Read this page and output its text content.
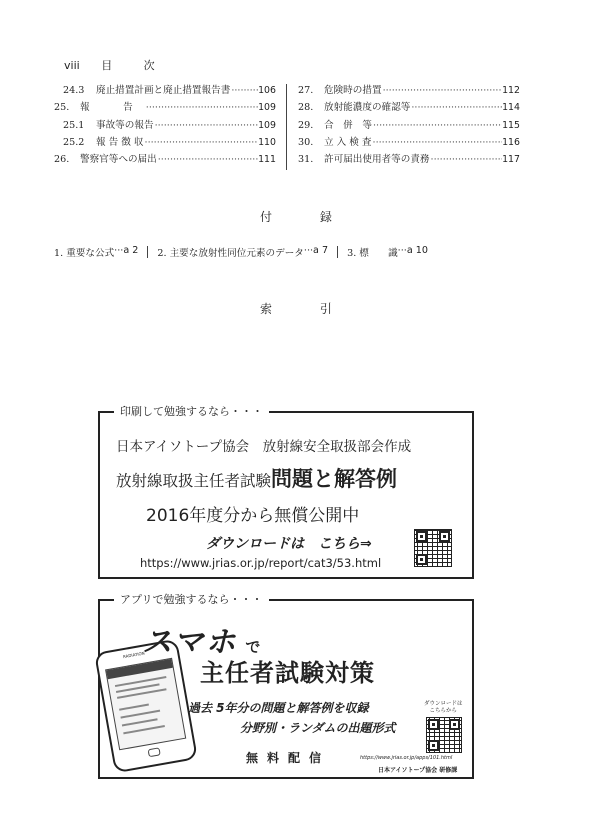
viii 目 次
24.3	廃止措置計画と廃止措置報告書 ·····	106
25.	報　告 ·····	109
25.1	事故等の報告 ·····	109
25.2	報 告 徴 収 ·····	110
26.	警察官等への届出 ·····	111
27.	危険時の措置 ·····	112
28.	放射能濃度の確認等 ·····	114
29.	合　併　等 ·····	115
30.	立 入 検 査 ·····	116
31.	許可届出使用者等の責務 ·····	117
付 録
1. 重要な公式 ··· a 2 2. 主要な放射性同位元素のデータ ··· a 7 3. 標　　識 ··· a 10
索 引
印刷して勉強するなら・・・
日本アイソトープ協会　放射線安全取扱部会作成
放射線取扱主任者試験問題と解答例
2016年度分から無償公開中
ダウンロードは　こちら⇒
https://www.jrias.or.jp/report/cat3/53.html
アプリで勉強するなら・・・
RADIATION
スマホ で
主任者試験対策
過去 5年分の問題と解答例を収録
分野別・ランダムの出題形式
無料配信
ダウンロードは
こちらから
https://www.jrias.or.jp/apps/101.html
日本アイソトープ協会 研修課
